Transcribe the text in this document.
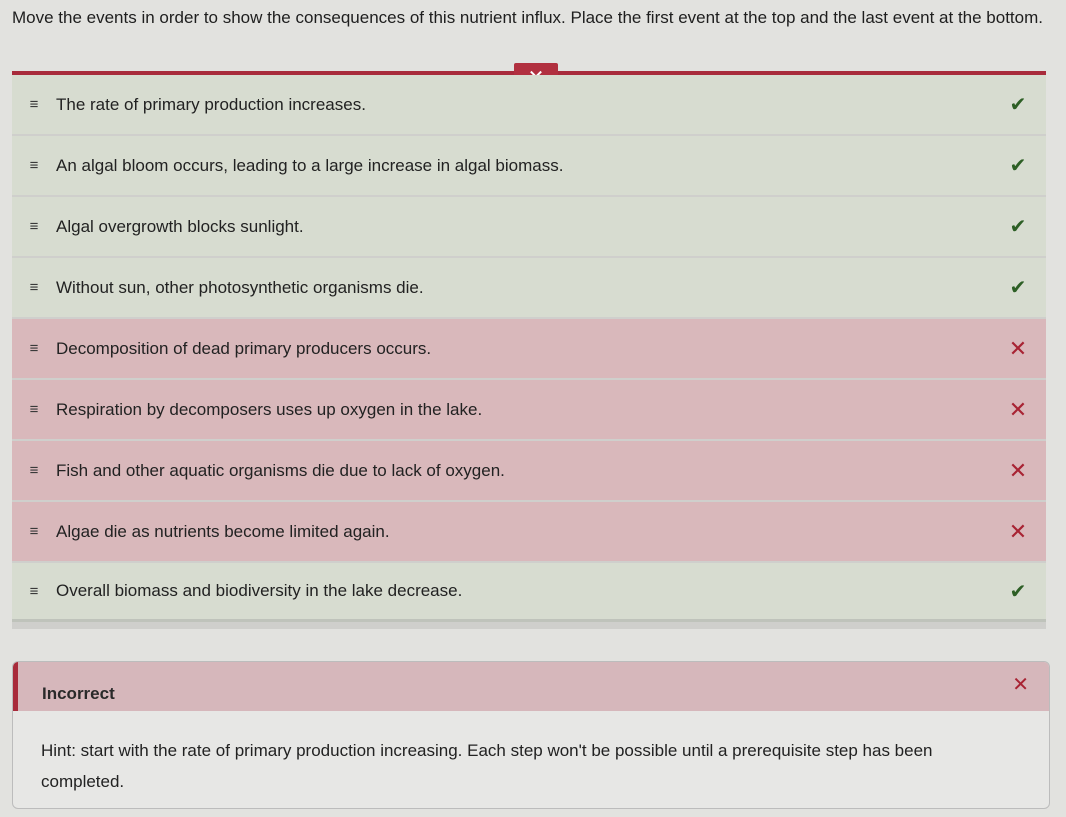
Move the events in order to show the consequences of this nutrient influx. Place the first event at the top and the last event at the bottom.
≡	The rate of primary production increases.	✔
≡	An algal bloom occurs, leading to a large increase in algal biomass.	✔
≡	Algal overgrowth blocks sunlight.	✔
≡	Without sun, other photosynthetic organisms die.	✔
≡	Decomposition of dead primary producers occurs.	✕
≡	Respiration by decomposers uses up oxygen in the lake.	✕
≡	Fish and other aquatic organisms die due to lack of oxygen.	✕
≡	Algae die as nutrients become limited again.	✕
≡	Overall biomass and biodiversity in the lake decrease.	✔
Incorrect	✕
Hint: start with the rate of primary production increasing. Each step won't be possible until a prerequisite step has been completed.
